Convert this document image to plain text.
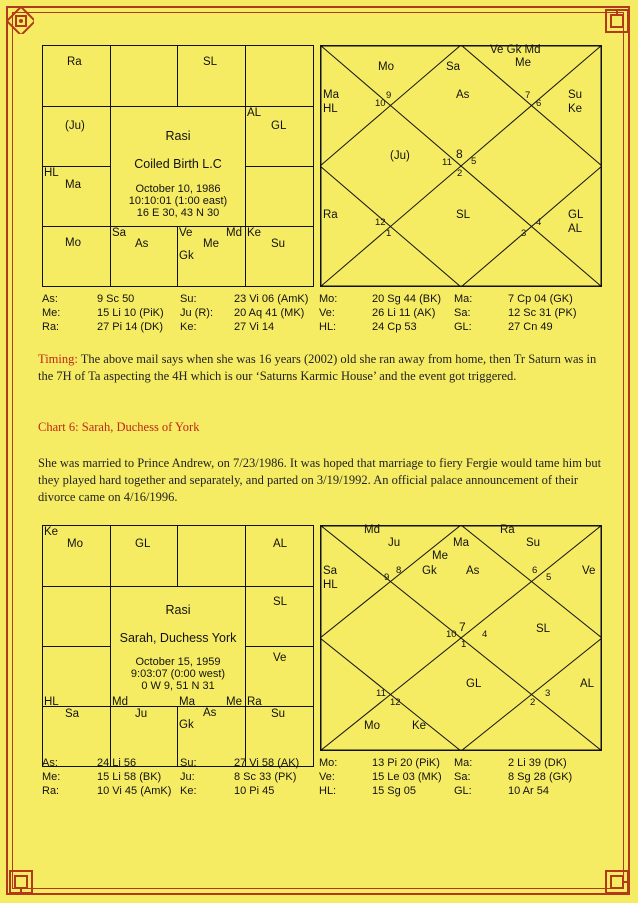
Ra	SL
(Ju)
AL
GL
HL
Ma
Mo
Sa
As
Ve	Md
Me
Gk
Ke
Su
Rasi
Coiled Birth L.C
October 10, 1986
10:10:01 (1:00 east)
16 E 30, 43 N 30
Ve Gk Md
Me
Mo	Sa
Ma
HL
As	Su
Ke
(Ju)
Ra	SL	GL
AL
10
9	7
6
11
8
5
2
12
1	3
4
As:	9 Sc 50	Su:	23 Vi 06 (AmK) Mo:	20 Sg 44 (BK) Ma:	7 Cp 04 (GK)
Me:	15 Li 10 (PiK) Ju (R): 20 Aq 41 (MK) Ve:	26 Li 11 (AK) Sa:	12 Sc 31 (PK)
Ra:	27 Pi 14 (DK) Ke:	27 Vi 14	HL:	24 Cp 53	GL:	27 Cn 49
Timing: The above mail says when she was 16 years (2002) old she ran away from home, then Tr Saturn was in the 7H of Ta aspecting the 4H which is our ‘Saturns Karmic House’ and the event got triggered.
Chart 6: Sarah, Duchess of York
She was married to Prince Andrew, on 7/23/1986. It was hoped that marriage to fiery Fergie would tame him but they played hard together and separately, and parted on 3/19/1992. An official palace announcement of their divorce came on 4/16/1996.
Ke
Mo	GL	AL
SL
Ve
HL
Sa
Md
Ju
Ma	Me
As
Gk
Ra
Su
Rasi
Sarah, Duchess York
October 15, 1959
9:03:07 (0:00 west)
0 W 9, 51 N 31
Md	Ra
Ju	Ma	Su
Me
Sa
HL
Gk	As	Ve
SL
GL	AL
Mo	Ke
9
8	6
5
10
7
4
1
11
12	2
3
As:	24 Li 56	Su:	27 Vi 58 (AK) Mo:	13 Pi 20 (PiK) Ma:	2 Li 39 (DK)
Me:	15 Li 58 (BK) Ju:	8 Sc 33 (PK) Ve:	15 Le 03 (MK) Sa:	8 Sg 28 (GK)
Ra:	10 Vi 45 (AmK) Ke:	10 Pi 45	HL:	15 Sg 05	GL:	10 Ar 54
